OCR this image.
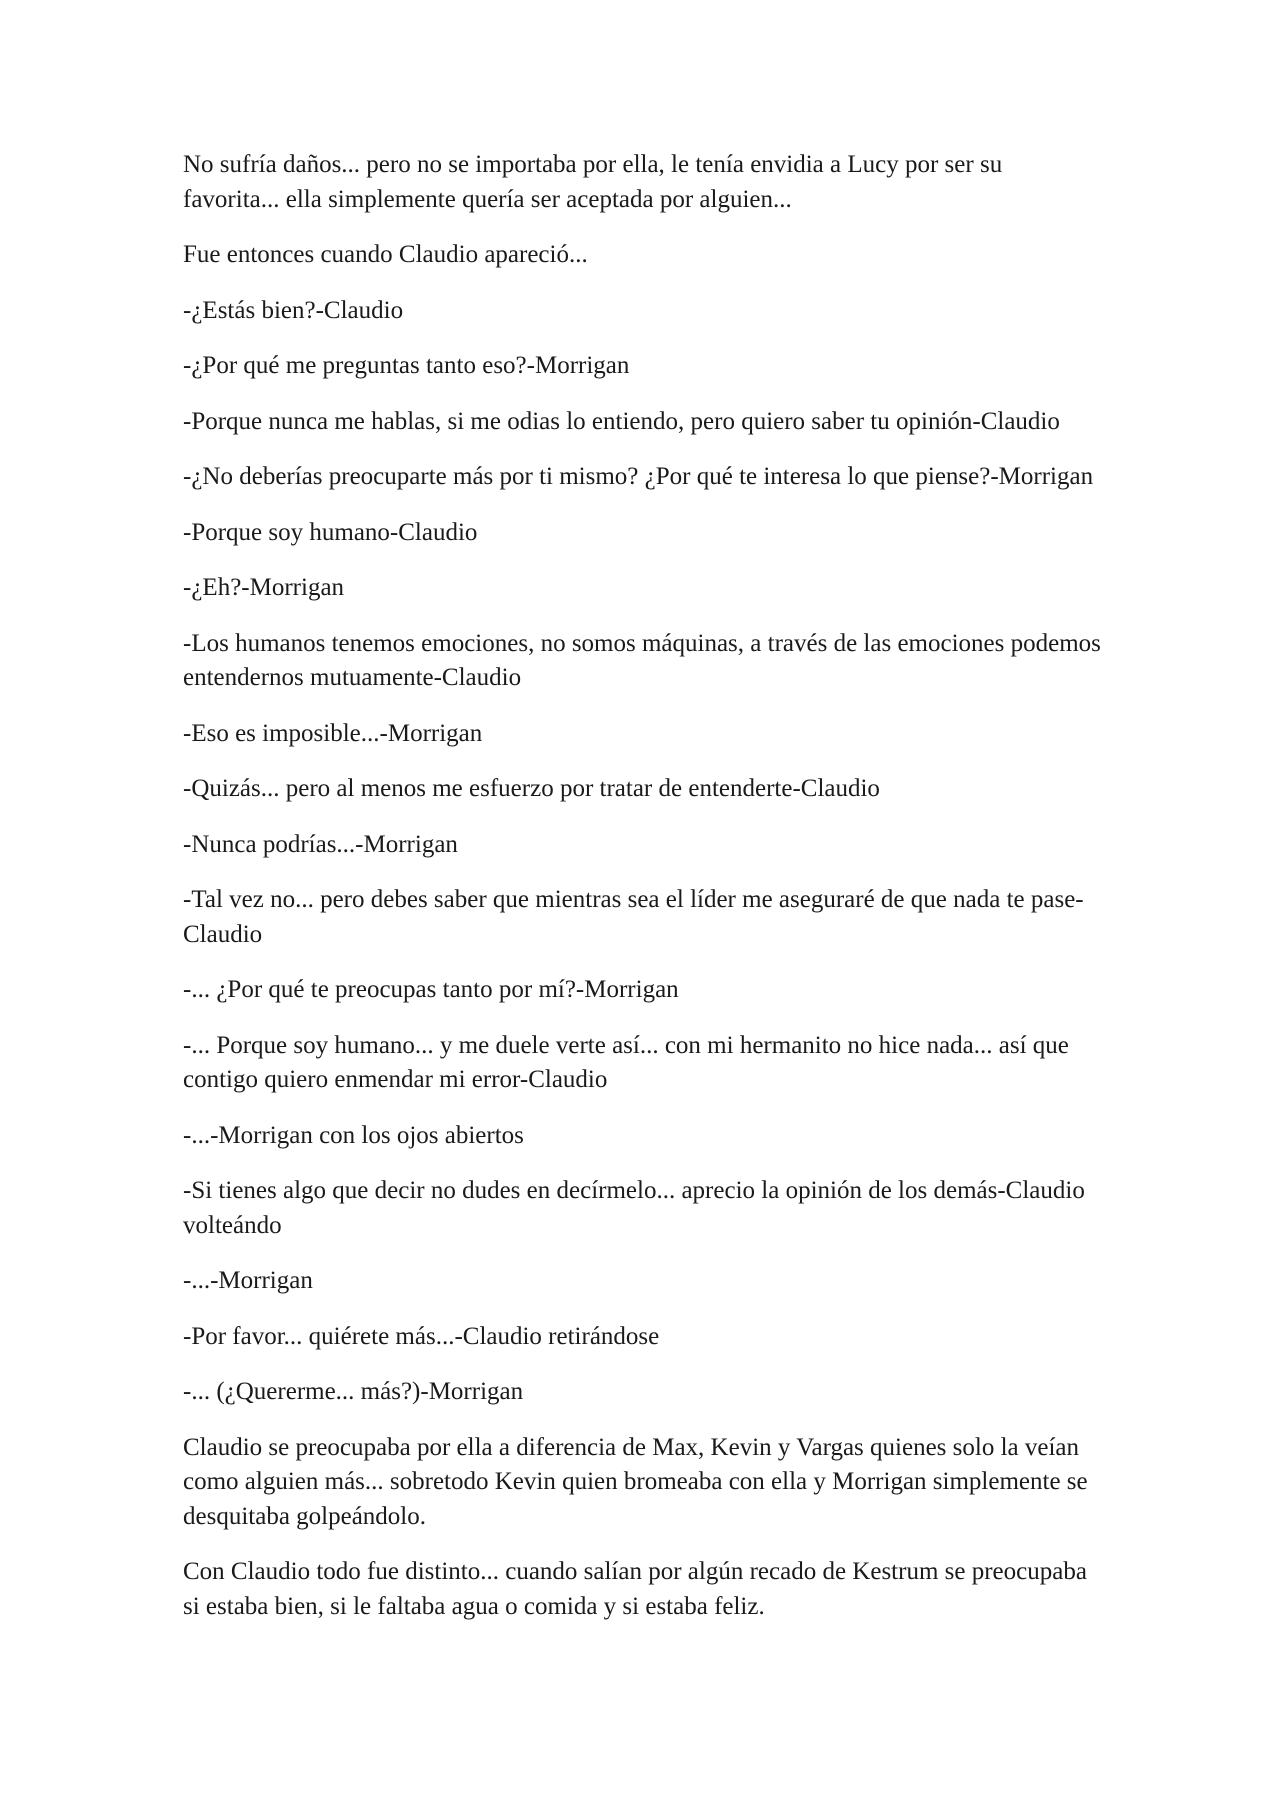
No sufría daños... pero no se importaba por ella, le tenía envidia a Lucy por ser su favorita... ella simplemente quería ser aceptada por alguien...

Fue entonces cuando Claudio apareció...

-¿Estás bien?-Claudio

-¿Por qué me preguntas tanto eso?-Morrigan

-Porque nunca me hablas, si me odias lo entiendo, pero quiero saber tu opinión-Claudio

-¿No deberías preocuparte más por ti mismo? ¿Por qué te interesa lo que piense?-Morrigan

-Porque soy humano-Claudio

-¿Eh?-Morrigan

-Los humanos tenemos emociones, no somos máquinas, a través de las emociones podemos entendernos mutuamente-Claudio

-Eso es imposible...-Morrigan

-Quizás... pero al menos me esfuerzo por tratar de entenderte-Claudio

-Nunca podrías...-Morrigan

-Tal vez no... pero debes saber que mientras sea el líder me aseguraré de que nada te pase-Claudio

-... ¿Por qué te preocupas tanto por mí?-Morrigan

-... Porque soy humano... y me duele verte así... con mi hermanito no hice nada... así que contigo quiero enmendar mi error-Claudio

-...-Morrigan con los ojos abiertos

-Si tienes algo que decir no dudes en decírmelo... aprecio la opinión de los demás-Claudio volteándo

-...-Morrigan

-Por favor... quiérete más...-Claudio retirándose

-... (¿Quererme... más?)-Morrigan

Claudio se preocupaba por ella a diferencia de Max, Kevin y Vargas quienes solo la veían como alguien más... sobretodo Kevin quien bromeaba con ella y Morrigan simplemente se desquitaba golpeándolo.

Con Claudio todo fue distinto... cuando salían por algún recado de Kestrum se preocupaba si estaba bien, si le faltaba agua o comida y si estaba feliz.
